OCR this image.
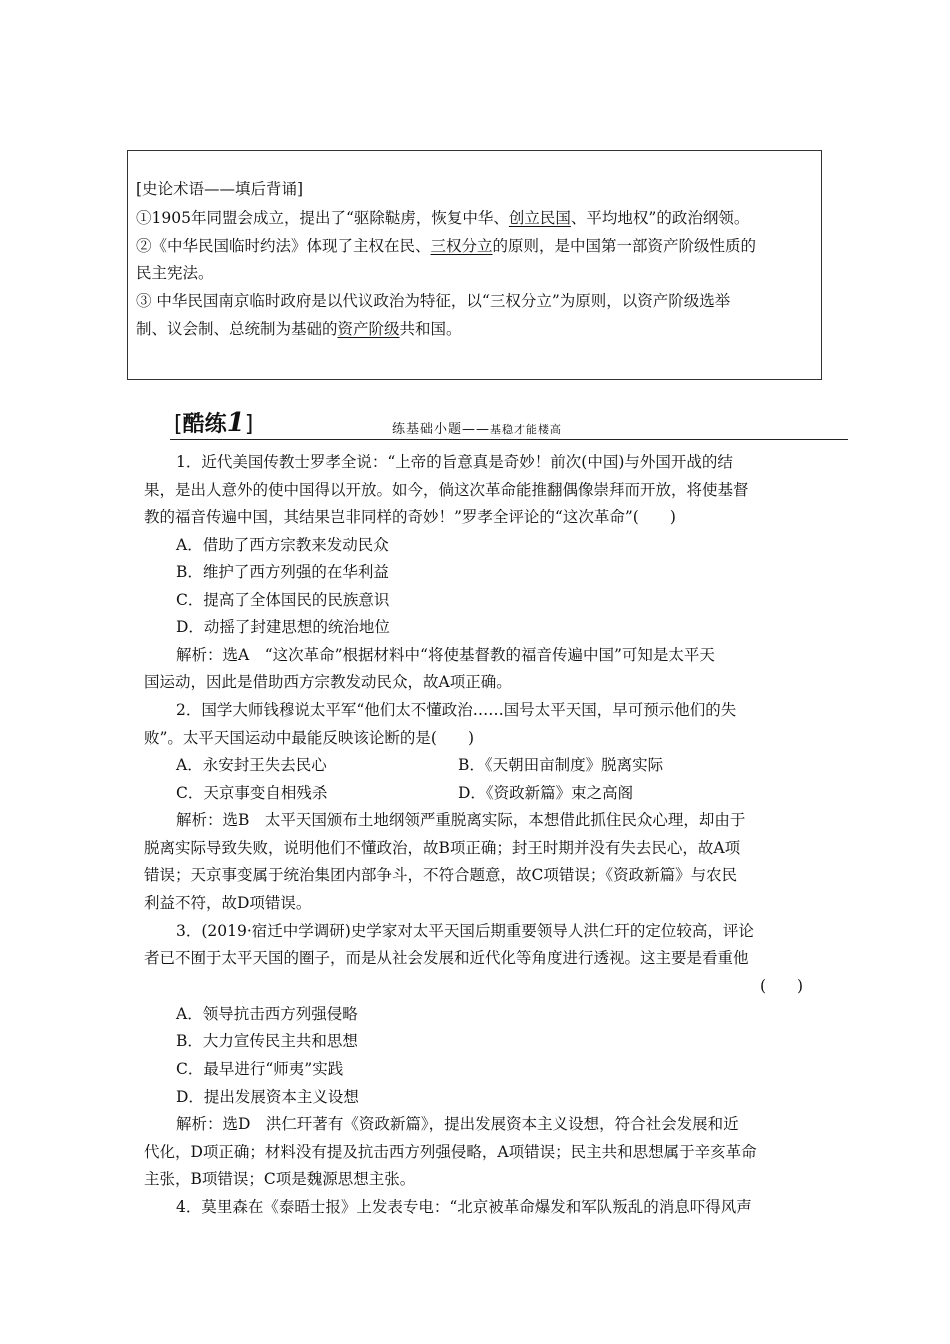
[史论术语——填后背诵]
①1905年同盟会成立，提出了“驱除鞑虏，恢复中华、创立民国、平均地权”的政治纲领。
②《中华民国临时约法》体现了主权在民、三权分立的原则，是中国第一部资产阶级性质的
民主宪法。
③ 中华民国南京临时政府是以代议政治为特征，以“三权分立”为原则，以资产阶级选举
制、议会制、总统制为基础的资产阶级共和国。
[酷练1]	练基础小题——基稳才能楼高
1．近代美国传教士罗孝全说：“上帝的旨意真是奇妙！前次(中国)与外国开战的结
果，是出人意外的使中国得以开放。如今，倘这次革命能推翻偶像崇拜而开放，将使基督
教的福音传遍中国，其结果岂非同样的奇妙！”罗孝全评论的“这次革命”(　　)
A．借助了西方宗教来发动民众
B．维护了西方列强的在华利益
C．提高了全体国民的民族意识
D．动摇了封建思想的统治地位
解析：选A　“这次革命”根据材料中“将使基督教的福音传遍中国”可知是太平天
国运动，因此是借助西方宗教发动民众，故A项正确。
2．国学大师钱穆说太平军“他们太不懂政治……国号太平天国，早可预示他们的失
败”。太平天国运动中最能反映该论断的是(　　)
A．永安封王失去民心	B．《天朝田亩制度》脱离实际
C．天京事变自相残杀	D．《资政新篇》束之高阁
解析：选B　太平天国颁布土地纲领严重脱离实际，本想借此抓住民众心理，却由于
脱离实际导致失败，说明他们不懂政治，故B项正确；封王时期并没有失去民心，故A项
错误；天京事变属于统治集团内部争斗，不符合题意，故C项错误；《资政新篇》与农民
利益不符，故D项错误。
3．(2019·宿迁中学调研)史学家对太平天国后期重要领导人洪仁玕的定位较高，评论
者已不囿于太平天国的圈子，而是从社会发展和近代化等角度进行透视。这主要是看重他
(　　)
A．领导抗击西方列强侵略
B．大力宣传民主共和思想
C．最早进行“师夷”实践
D．提出发展资本主义设想
解析：选D　洪仁玕著有《资政新篇》，提出发展资本主义设想，符合社会发展和近
代化，D项正确；材料没有提及抗击西方列强侵略，A项错误；民主共和思想属于辛亥革命
主张，B项错误；C项是魏源思想主张。
4．莫里森在《泰晤士报》上发表专电：“北京被革命爆发和军队叛乱的消息吓得风声
